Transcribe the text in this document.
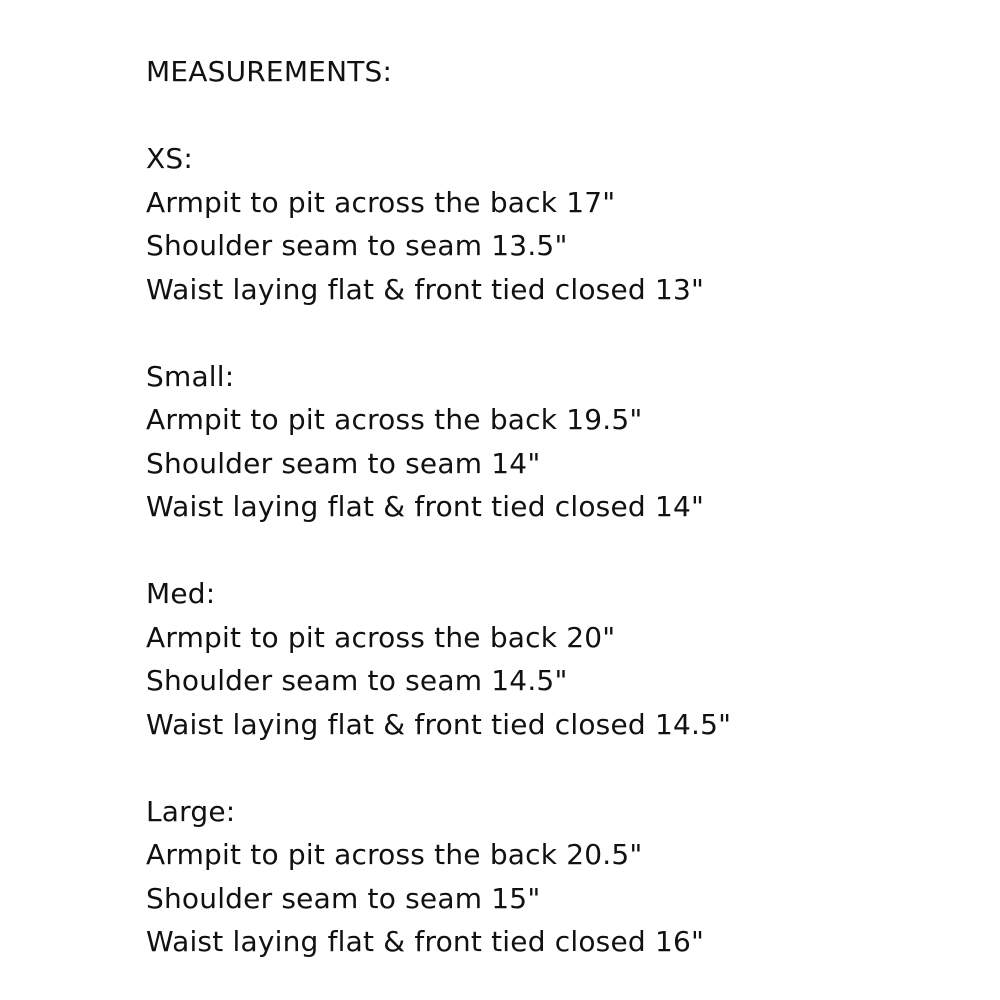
MEASUREMENTS:

XS:

Armpit to pit across the back 17"

Shoulder seam to seam 13.5"

Waist laying flat & front tied closed 13"

Small:

Armpit to pit across the back 19.5"

Shoulder seam to seam 14"

Waist laying flat & front tied closed 14"

Med:

Armpit to pit across the back 20"

Shoulder seam to seam 14.5"

Waist laying flat & front tied closed 14.5"

Large:

Armpit to pit across the back 20.5"

Shoulder seam to seam 15"

Waist laying flat & front tied closed 16"
